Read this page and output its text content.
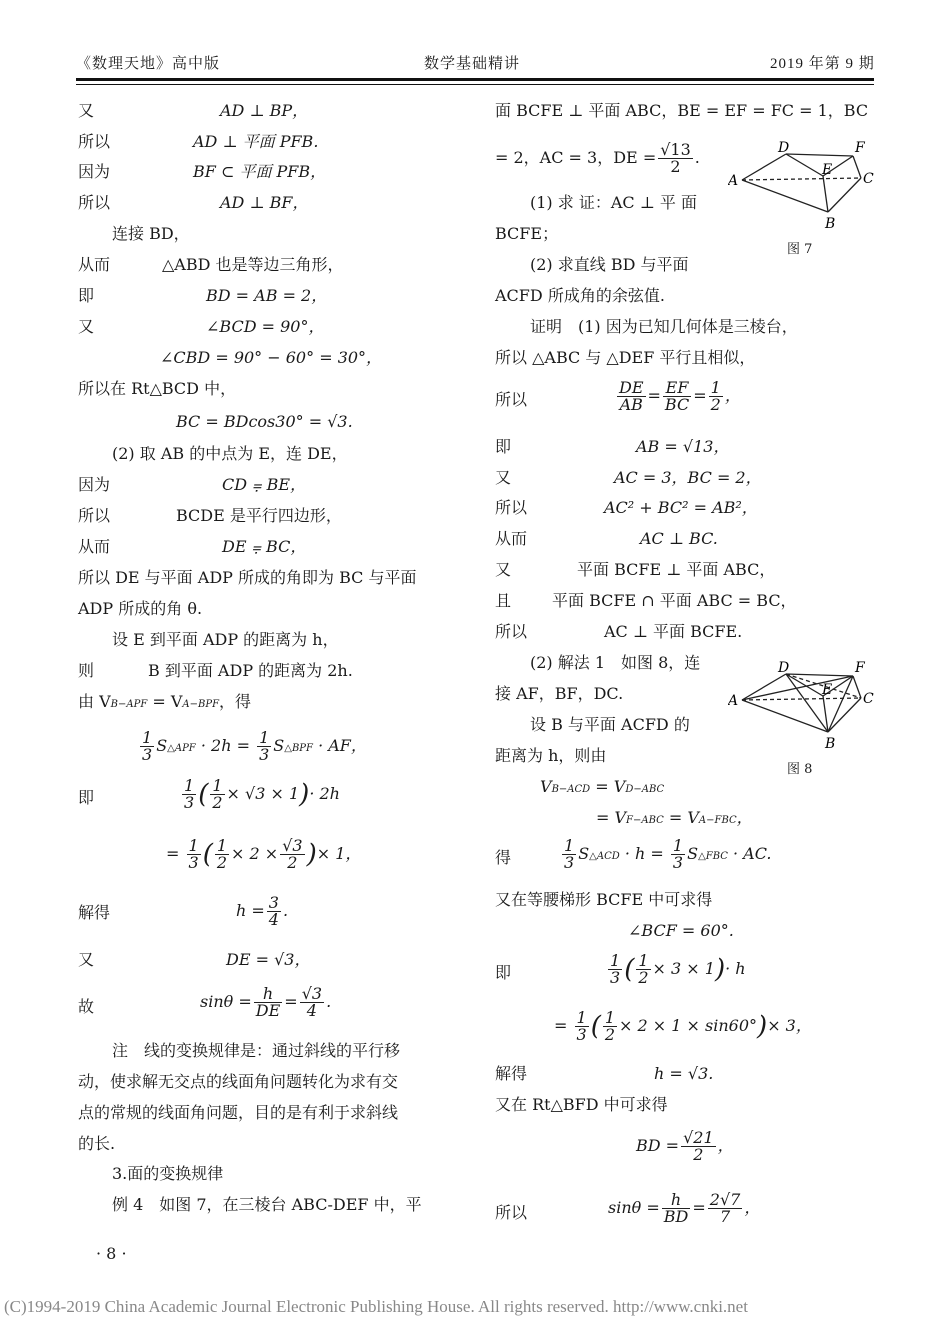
《数理天地》高中版	数学基础精讲	2019 年第 9 期
又	AD ⊥ BP，
所以	AD ⊥ 平面 PFB.
因为	BF ⊂ 平面 PFB，
所以	AD ⊥ BF，
连接 BD，
从而	△ABD 也是等边三角形，
即	BD = AB = 2，
又	∠BCD = 90°，
∠CBD = 90° − 60° = 30°，
所以在 Rt△BCD 中，
BC = BDcos30° = √3.
(2) 取 AB 的中点为 E，连 DE，
因为	CD ⩦ BE，
所以	BCDE 是平行四边形，
从而	DE ⩦ BC，
所以 DE 与平面 ADP 所成的角即为 BC 与平面
ADP 所成的角 θ.
设 E 到平面 ADP 的距离为 h，
则	B 到平面 ADP 的距离为 2h.
由 VB−APF = VA−BPF，得
$\frac{1}{3}$ S△APF · $2h = \frac{1}{3}$ S△BPF · AF，
即	$\frac{1}{3}$ ( $\frac{1}{2} \times √3 \times 1)\cdot 2h$
= $\frac{1}{3}$ ( $\frac{1}{2} \times 2 \times \frac{√3}{2}$ )× 1，
解得	$h = \frac{3}{4}$ .
又	DE = √3，
故	$\sin\theta = \frac{h}{DE} = \frac{√3}{4}$ .
注　线的变换规律是：通过斜线的平行移
动，使求解无交点的线面角问题转化为求有交
点的常规的线面角问题，目的是有利于求斜线
的长.
3.面的变换规律
例 4　如图 7，在三棱台 ABC-DEF 中，平
· 8 ·
面 BCFE ⊥ 平面 ABC，BE = EF = FC = 1，BC
= 2，AC = 3，DE = $\frac{√13}{2}$ .
(1) 求 证：AC ⊥ 平 面
BCFE；
(2) 求直线 BD 与平面
ACFD 所成角的余弦值.
证明　(1) 因为已知几何体是三棱台，
所以 △ABC 与 △DEF 平行且相似，
所以	$\frac{DE}{AB} = \frac{EF}{BC} = \frac{1}{2}$ ，
即	AB = √13，
又	AC = 3，BC = 2，
所以	AC² + BC² = AB²，
从而	AC ⊥ BC.
又	平面 BCFE ⊥ 平面 ABC，
且	平面 BCFE ∩ 平面 ABC = BC，
所以	AC ⊥ 平面 BCFE.
(2) 解法 1　如图 8，连
接 AF，BF，DC.
设 B 与平面 ACFD 的
距离为 h，则由
VB−ACD = VD−ABC
= VF−ABC = VA−FBC，
得	$\frac{1}{3}$ S△ACD · $h = \frac{1}{3}$ S△FBC · AC.
又在等腰梯形 BCFE 中可求得
∠BCF = 60°.
即	$\frac{1}{3}$ ( $\frac{1}{2} \times 3 \times 1)\cdot h$
= $\frac{1}{3}$ ( $\frac{1}{2} \times 2 \times 1 \times \sin 60^\circ)\times 3$，
解得	h = √3.
又在 Rt△BFD 中可求得
BD = $\frac{√21}{2}$ ，
所以	$\sin\theta = \frac{h}{BD} = \frac{2√7}{7}$ ，
A
D	F
E
C
B
图 7
A
D	F
E
C
B
图 8
(C)1994-2019 China Academic Journal Electronic Publishing House. All rights reserved. http://www.cnki.net
